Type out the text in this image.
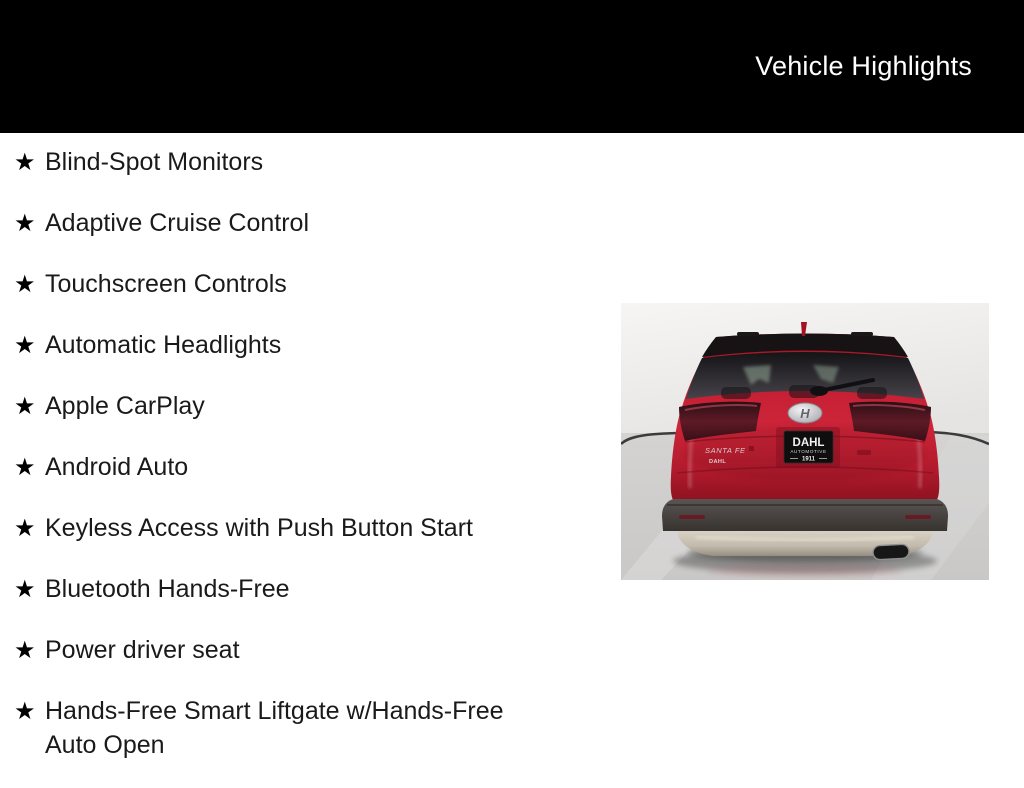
Vehicle Highlights
★ Blind-Spot Monitors
★ Adaptive Cruise Control
★ Touchscreen Controls
★ Automatic Headlights
★ Apple CarPlay
★ Android Auto
★ Keyless Access with Push Button Start
★ Bluetooth Hands-Free
★ Power driver seat
★ Hands-Free Smart Liftgate w/Hands-Free Auto Open
H
DAHL
AUTOMOTIVE
1911
SANTA FE
DAHL
